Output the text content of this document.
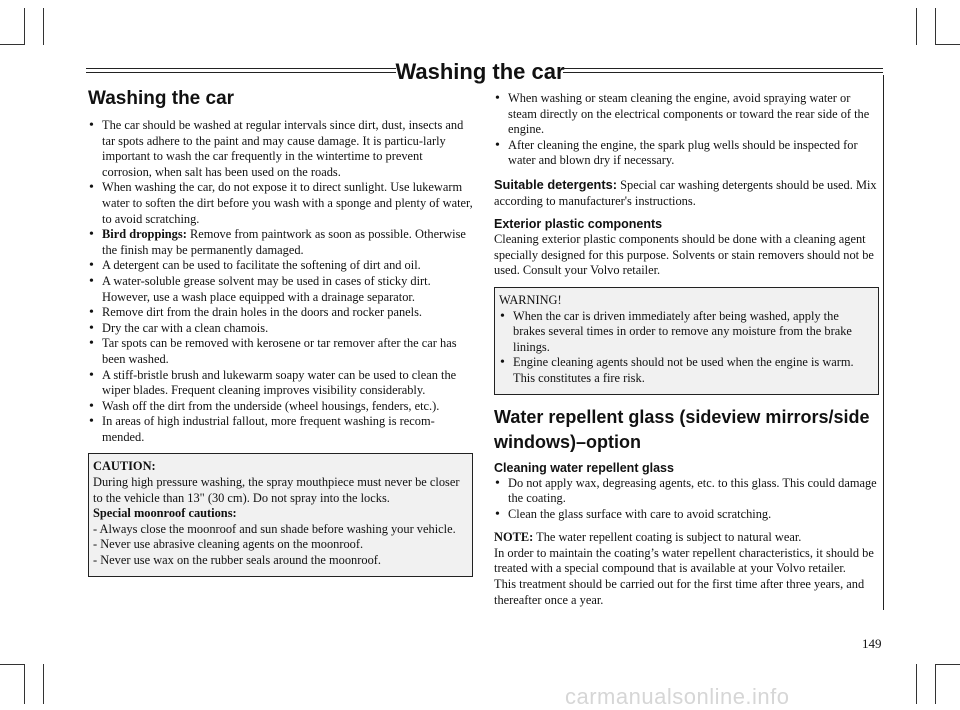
Washing the car
Washing the car
• The car should be washed at regular intervals since dirt, dust, insects and tar spots adhere to the paint and may cause damage. It is particu-larly important to wash the car frequently in the wintertime to prevent corrosion, when salt has been used on the roads.
• When washing the car, do not expose it to direct sunlight. Use lukewarm water to soften the dirt before you wash with a sponge and plenty of water, to avoid scratching.
• Bird droppings: Remove from paintwork as soon as possible. Otherwise the finish may be permanently damaged.
• A detergent can be used to facilitate the softening of dirt and oil.
• A water-soluble grease solvent may be used in cases of sticky dirt. However, use a wash place equipped with a drainage separator.
• Remove dirt from the drain holes in the doors and rocker panels.
• Dry the car with a clean chamois.
• Tar spots can be removed with kerosene or tar remover after the car has been washed.
• A stiff-bristle brush and lukewarm soapy water can be used to clean the wiper blades. Frequent cleaning improves visibility considerably.
• Wash off the dirt from the underside (wheel housings, fenders, etc.).
• In areas of high industrial fallout, more frequent washing is recom-mended.
CAUTION:
During high pressure washing, the spray mouthpiece must never be closer to the vehicle than 13" (30 cm). Do not spray into the locks.
Special moonroof cautions:
- Always close the moonroof and sun shade before washing your vehicle.
- Never use abrasive cleaning agents on the moonroof.
- Never use wax on the rubber seals around the moonroof.
• When washing or steam cleaning the engine, avoid spraying water or steam directly on the electrical components or toward the rear side of the engine.
• After cleaning the engine, the spark plug wells should be inspected for water and blown dry if necessary.
Suitable detergents: Special car washing detergents should be used. Mix according to manufacturer's instructions.
Exterior plastic components
Cleaning exterior plastic components should be done with a cleaning agent specially designed for this purpose. Solvents or stain removers should not be used. Consult your Volvo retailer.
WARNING!
• When the car is driven immediately after being washed, apply the brakes several times in order to remove any moisture from the brake linings.
• Engine cleaning agents should not be used when the engine is warm. This constitutes a fire risk.
Water repellent glass (sideview mirrors/side windows)–option
Cleaning water repellent glass
• Do not apply wax, degreasing agents, etc. to this glass. This could damage the coating.
• Clean the glass surface with care to avoid scratching.
NOTE: The water repellent coating is subject to natural wear.
In order to maintain the coating’s water repellent characteristics, it should be treated with a special compound that is available at your Volvo retailer.
This treatment should be carried out for the first time after three years, and thereafter once a year.
149
carmanualsonline.info
